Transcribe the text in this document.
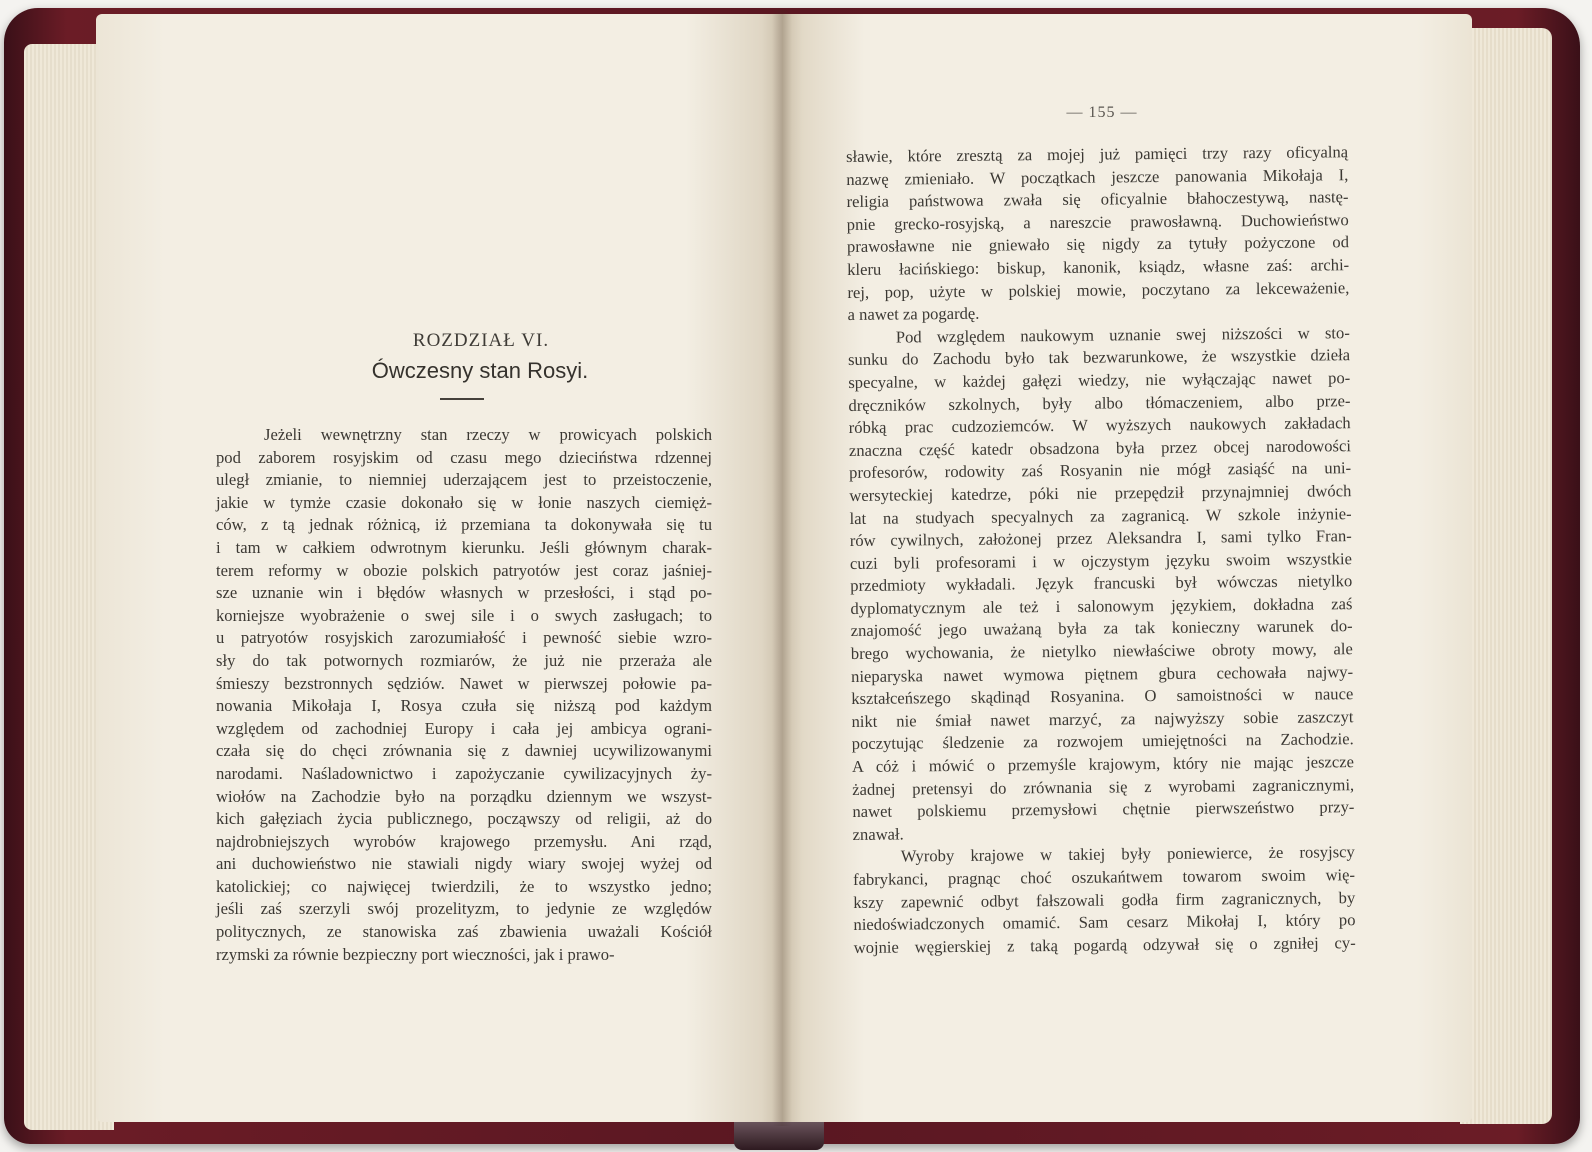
— 155 —
ROZDZIAŁ VI.
Ówczesny stan Rosyi.
Jeżeli wewnętrzny stan rzeczy w prowicyach polskich
pod zaborem rosyjskim od czasu mego dzieciństwa rdzennej
uległ zmianie, to niemniej uderzającem jest to przeistoczenie,
jakie w tymże czasie dokonało się w łonie naszych ciemięż-
ców, z tą jednak różnicą, iż przemiana ta dokonywała się tu
i tam w całkiem odwrotnym kierunku. Jeśli głównym charak-
terem reformy w obozie polskich patryotów jest coraz jaśniej-
sze uznanie win i błędów własnych w przesłości, i stąd po-
korniejsze wyobrażenie o swej sile i o swych zasługach; to
u patryotów rosyjskich zarozumiałość i pewność siebie wzro-
sły do tak potwornych rozmiarów, że już nie przeraża ale
śmieszy bezstronnych sędziów. Nawet w pierwszej połowie pa-
nowania Mikołaja I, Rosya czuła się niższą pod każdym
względem od zachodniej Europy i cała jej ambicya ograni-
czała się do chęci zrównania się z dawniej ucywilizowanymi
narodami. Naśladownictwo i zapożyczanie cywilizacyjnych ży-
wiołów na Zachodzie było na porządku dziennym we wszyst-
kich gałęziach życia publicznego, począwszy od religii, aż do
najdrobniejszych wyrobów krajowego przemysłu. Ani rząd,
ani duchowieństwo nie stawiali nigdy wiary swojej wyżej od
katolickiej; co najwięcej twierdzili, że to wszystko jedno;
jeśli zaś szerzyli swój prozelityzm, to jedynie ze względów
politycznych, ze stanowiska zaś zbawienia uważali Kościół
rzymski za równie bezpieczny port wieczności, jak i prawo-
sławie, które zresztą za mojej już pamięci trzy razy oficyalną
nazwę zmieniało. W początkach jeszcze panowania Mikołaja I,
religia państwowa zwała się oficyalnie błahoczestywą, nastę-
pnie grecko-rosyjską, a nareszcie prawosławną. Duchowieństwo
prawosławne nie gniewało się nigdy za tytuły pożyczone od
kleru łacińskiego: biskup, kanonik, ksiądz, własne zaś: archi-
rej, pop, użyte w polskiej mowie, poczytano za lekceważenie,
a nawet za pogardę.
Pod względem naukowym uznanie swej niższości w sto-
sunku do Zachodu było tak bezwarunkowe, że wszystkie dzieła
specyalne, w każdej gałęzi wiedzy, nie wyłączając nawet po-
dręczników szkolnych, były albo tłómaczeniem, albo prze-
róbką prac cudzoziemców. W wyższych naukowych zakładach
znaczna część katedr obsadzona była przez obcej narodowości
profesorów, rodowity zaś Rosyanin nie mógł zasiąść na uni-
wersyteckiej katedrze, póki nie przepędził przynajmniej dwóch
lat na studyach specyalnych za zagranicą. W szkole inżynie-
rów cywilnych, założonej przez Aleksandra I, sami tylko Fran-
cuzi byli profesorami i w ojczystym języku swoim wszystkie
przedmioty wykładali. Język francuski był wówczas nietylko
dyplomatycznym ale też i salonowym językiem, dokładna zaś
znajomość jego uważaną była za tak konieczny warunek do-
brego wychowania, że nietylko niewłaściwe obroty mowy, ale
nieparyska nawet wymowa piętnem gbura cechowała najwy-
kształceńszego skądinąd Rosyanina. O samoistności w nauce
nikt nie śmiał nawet marzyć, za najwyższy sobie zaszczyt
poczytując śledzenie za rozwojem umiejętności na Zachodzie.
A cóż i mówić o przemyśle krajowym, który nie mając jeszcze
żadnej pretensyi do zrównania się z wyrobami zagranicznymi,
nawet polskiemu przemysłowi chętnie pierwszeństwo przy-
znawał.
Wyroby krajowe w takiej były poniewierce, że rosyjscy
fabrykanci, pragnąc choć oszukańtwem towarom swoim wię-
kszy zapewnić odbyt fałszowali godła firm zagranicznych, by
niedoświadczonych omamić. Sam cesarz Mikołaj I, który po
wojnie węgierskiej z taką pogardą odzywał się o zgniłej cy-
